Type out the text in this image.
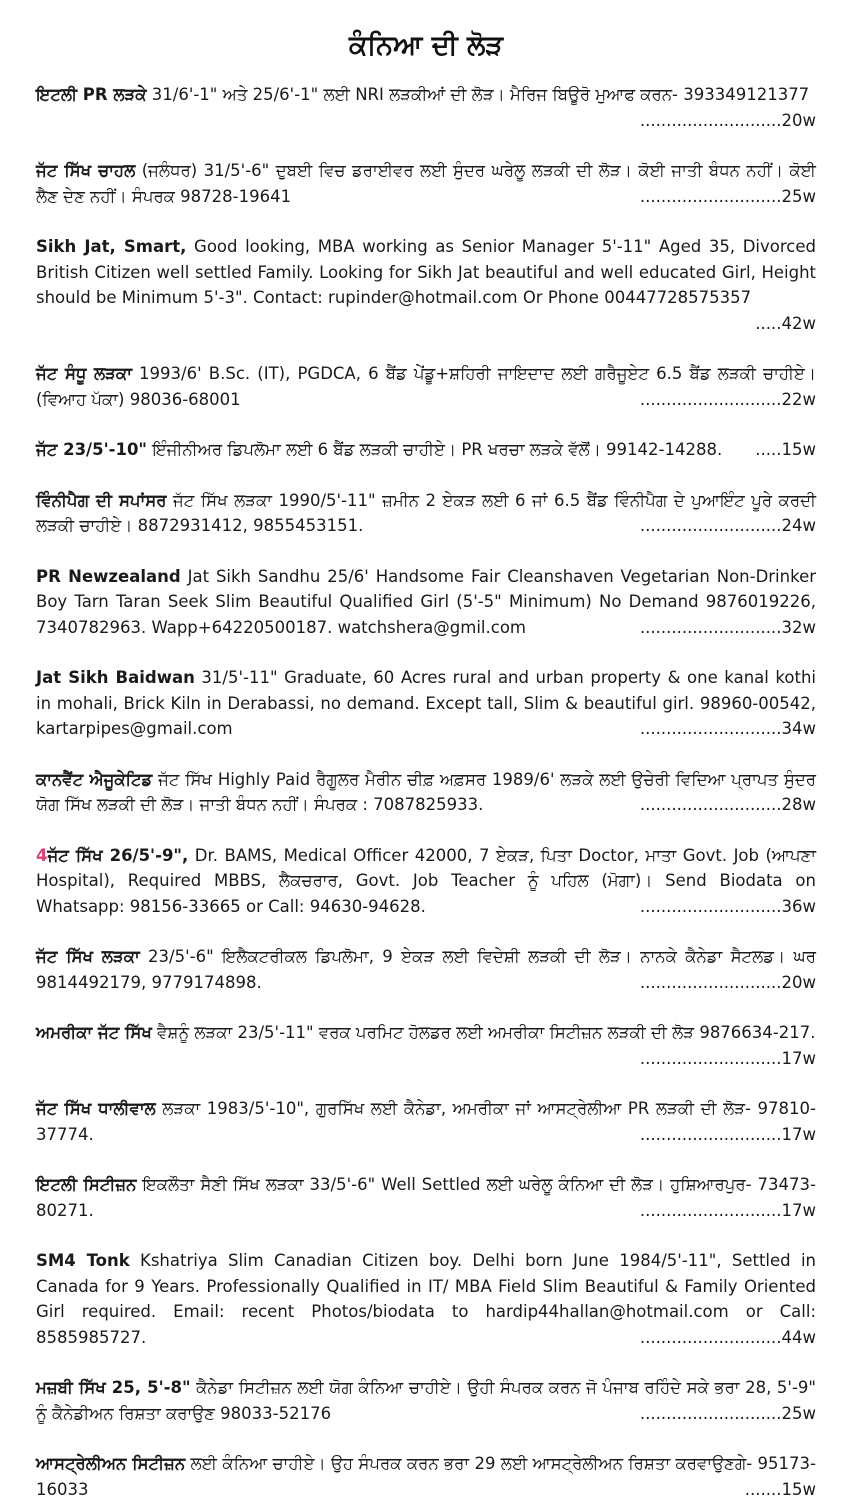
ਕੰਨਿਆ ਦੀ ਲੋੜ
ਇਟਲੀ PR ਲੜਕੇ 31/6'-1" ਅਤੇ 25/6'-1" ਲਈ NRI ਲੜਕੀਆਂ ਦੀ ਲੋੜ। ਮੈਰਿਜ ਬਿਊਰੋ ਮੁਆਫ ਕਰਨ- 393349121377
...........................20w
ਜੱਟ ਸਿੱਖ ਚਾਹਲ (ਜਲੰਧਰ) 31/5'-6" ਦੁਬਈ ਵਿਚ ਡਰਾਈਵਰ ਲਈ ਸੁੰਦਰ ਘਰੇਲੂ ਲੜਕੀ ਦੀ ਲੋੜ। ਕੋਈ ਜਾਤੀ ਬੰਧਨ ਨਹੀਂ। ਕੋਈ ਲੈਣ ਦੇਣ ਨਹੀਂ। ਸੰਪਰਕ 98728-19641	...........................25w
Sikh Jat, Smart, Good looking, MBA working as Senior Manager 5'-11" Aged 35, Divorced British Citizen well settled Family. Looking for Sikh Jat beautiful and well educated Girl, Height should be Minimum 5'-3". Contact: rupinder@hotmail.com Or Phone 00447728575357
.....42w
ਜੱਟ ਸੰਧੂ ਲੜਕਾ 1993/6' B.Sc. (IT), PGDCA, 6 ਬੈਂਡ ਪੇਂਡੂ+ਸ਼ਹਿਰੀ ਜਾਇਦਾਦ ਲਈ ਗਰੈਜੂਏਟ 6.5 ਬੈਂਡ ਲੜਕੀ ਚਾਹੀਏ। (ਵਿਆਹ ਪੱਕਾ) 98036-68001	...........................22w
ਜੱਟ 23/5'-10" ਇੰਜੀਨੀਅਰ ਡਿਪਲੋਮਾ ਲਈ 6 ਬੈਂਡ ਲੜਕੀ ਚਾਹੀਏ। PR ਖਰਚਾ ਲੜਕੇ ਵੱਲੋਂ। 99142-14288. .....15w
ਵਿੰਨੀਪੈਗ ਦੀ ਸਪਾਂਸਰ ਜੱਟ ਸਿੱਖ ਲੜਕਾ 1990/5'-11" ਜ਼ਮੀਨ 2 ਏਕੜ ਲਈ 6 ਜਾਂ 6.5 ਬੈਂਡ ਵਿੰਨੀਪੈਗ ਦੇ ਪੁਆਇੰਟ ਪੂਰੇ ਕਰਦੀ ਲੜਕੀ ਚਾਹੀਏ। 8872931412, 9855453151.	...........................24w
PR Newzealand Jat Sikh Sandhu 25/6' Handsome Fair Cleanshaven Vegetarian Non-Drinker Boy Tarn Taran Seek Slim Beautiful Qualified Girl (5'-5" Minimum) No Demand 9876019226, 7340782963. Wapp+64220500187. watchshera@gmil.com	...........................32w
Jat Sikh Baidwan 31/5'-11" Graduate, 60 Acres rural and urban property & one kanal kothi in mohali, Brick Kiln in Derabassi, no demand. Except tall, Slim & beautiful girl. 98960-00542, kartarpipes@gmail.com	...........................34w
ਕਾਨਵੈਂਟ ਐਜੂਕੇਟਿਡ ਜੱਟ ਸਿੱਖ Highly Paid ਰੈਗੂਲਰ ਮੈਰੀਨ ਚੀਫ਼ ਅਫ਼ਸਰ 1989/6' ਲੜਕੇ ਲਈ ਉਚੇਰੀ ਵਿਦਿਆ ਪ੍ਰਾਪਤ ਸੁੰਦਰ ਯੋਗ ਸਿੱਖ ਲੜਕੀ ਦੀ ਲੋੜ। ਜਾਤੀ ਬੰਧਨ ਨਹੀਂ। ਸੰਪਰਕ : 7087825933.	...........................28w
4ਜੱਟ ਸਿੱਖ 26/5'-9", Dr. BAMS, Medical Officer 42000, 7 ਏਕੜ, ਪਿਤਾ Doctor, ਮਾਤਾ Govt. Job (ਆਪਣਾ Hospital), Required MBBS, ਲੈਕਚਰਾਰ, Govt. Job Teacher ਨੂੰ ਪਹਿਲ (ਮੋਗਾ)। Send Biodata on Whatsapp: 98156-33665 or Call: 94630-94628.	...........................36w
ਜੱਟ ਸਿੱਖ ਲੜਕਾ 23/5'-6" ਇਲੈਕਟਰੀਕਲ ਡਿਪਲੋਮਾ, 9 ਏਕੜ ਲਈ ਵਿਦੇਸ਼ੀ ਲੜਕੀ ਦੀ ਲੋੜ। ਨਾਨਕੇ ਕੈਨੇਡਾ ਸੈਟਲਡ। ਘਰ 9814492179, 9779174898.	...........................20w
ਅਮਰੀਕਾ ਜੱਟ ਸਿੱਖ ਵੈਸ਼ਨੂੰ ਲੜਕਾ 23/5'-11" ਵਰਕ ਪਰਮਿਟ ਹੋਲਡਰ ਲਈ ਅਮਰੀਕਾ ਸਿਟੀਜ਼ਨ ਲੜਕੀ ਦੀ ਲੋੜ 9876634-217.
...........................17w
ਜੱਟ ਸਿੱਖ ਧਾਲੀਵਾਲ ਲੜਕਾ 1983/5'-10", ਗੁਰਸਿੱਖ ਲਈ ਕੈਨੇਡਾ, ਅਮਰੀਕਾ ਜਾਂ ਆਸਟ੍ਰੇਲੀਆ PR ਲੜਕੀ ਦੀ ਲੋੜ- 97810-37774.	...........................17w
ਇਟਲੀ ਸਿਟੀਜ਼ਨ ਇਕਲੌਤਾ ਸੈਣੀ ਸਿੱਖ ਲੜਕਾ 33/5'-6" Well Settled ਲਈ ਘਰੇਲੂ ਕੰਨਿਆ ਦੀ ਲੋੜ। ਹੁਸ਼ਿਆਰਪੁਰ- 73473-80271.	...........................17w
SM4 Tonk Kshatriya Slim Canadian Citizen boy. Delhi born June 1984/5'-11", Settled in Canada for 9 Years. Professionally Qualified in IT/ MBA Field Slim Beautiful & Family Oriented Girl required. Email: recent Photos/biodata to hardip44hallan@hotmail.com or Call: 8585985727.	...........................44w
ਮਜ਼ਬੀ ਸਿੱਖ 25, 5'-8" ਕੈਨੇਡਾ ਸਿਟੀਜ਼ਨ ਲਈ ਯੋਗ ਕੰਨਿਆ ਚਾਹੀਏ। ਉਹੀ ਸੰਪਰਕ ਕਰਨ ਜੋ ਪੰਜਾਬ ਰਹਿੰਦੇ ਸਕੇ ਭਰਾ 28, 5'-9" ਨੂੰ ਕੈਨੇਡੀਅਨ ਰਿਸ਼ਤਾ ਕਰਾਉਣ 98033-52176	...........................25w
ਆਸਟ੍ਰੇਲੀਅਨ ਸਿਟੀਜ਼ਨ ਲਈ ਕੰਨਿਆ ਚਾਹੀਏ। ਉਹ ਸੰਪਰਕ ਕਰਨ ਭਰਾ 29 ਲਈ ਆਸਟ੍ਰੇਲੀਅਨ ਰਿਸ਼ਤਾ ਕਰਵਾਉਣਗੇ- 95173-16033	.......15w
